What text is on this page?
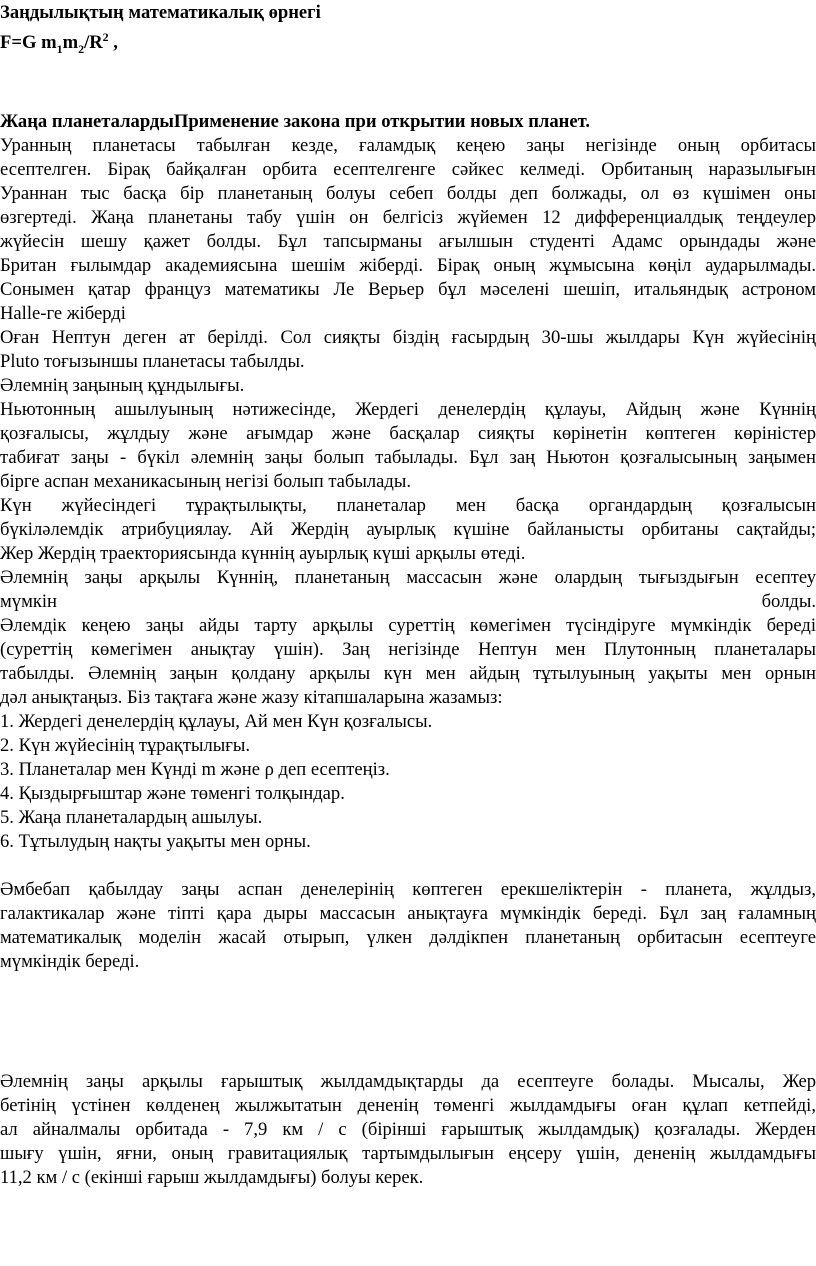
Заңдылықтың математикалық өрнегі
F=G $m_1m_2/R^2$ ,
Жаңа планеталардыПрименение закона при открытии новых планет.
Уранның планетасы табылған кезде, ғаламдық кеңею заңы негізінде оның орбитасы
есептелген. Бірақ байқалған орбита есептелгенге сәйкес келмеді. Орбитаның наразылығын
Ураннан тыс басқа бір планетаның болуы себеп болды деп болжады, ол өз күшімен оны
өзгертеді. Жаңа планетаны табу үшін он белгісіз жүйемен 12 дифференциалдық теңдеулер
жүйесін шешу қажет болды. Бұл тапсырманы ағылшын студенті Адамс орындады және
Британ ғылымдар академиясына шешім жіберді. Бірақ оның жұмысына көңіл аударылмады.
Сонымен қатар француз математикы Ле Верьер бұл мәселені шешіп, итальяндық астроном
Halle-ге жіберді
Оған Нептун деген ат берілді. Сол сияқты біздің ғасырдың 30-шы жылдары Күн жүйесінің
Pluto тоғызыншы планетасы табылды.
Әлемнің заңының құндылығы.
Ньютонның ашылуының нәтижесінде, Жердегі денелердің құлауы, Айдың және Күннің
қозғалысы, жұлдыу және ағымдар және басқалар сияқты көрінетін көптеген көріністер
табиғат заңы - бүкіл әлемнің заңы болып табылады. Бұл заң Ньютон қозғалысының заңымен
бірге аспан механикасының негізі болып табылады.
Күн жүйесіндегі тұрақтылықты, планеталар мен басқа органдардың қозғалысын
бүкіләлемдік атрибуциялау. Ай Жердің ауырлық күшіне байланысты орбитаны сақтайды;
Жер Жердің траекториясында күннің ауырлық күші арқылы өтеді.
Әлемнің заңы арқылы Күннің, планетаның массасын және олардың тығыздығын есептеу
мүмкін болды.
Әлемдік кеңею заңы айды тарту арқылы суреттің көмегімен түсіндіруге мүмкіндік береді
(суреттің көмегімен анықтау үшін). Заң негізінде Нептун мен Плутонның планеталары
табылды. Әлемнің заңын қолдану арқылы күн мен айдың тұтылуының уақыты мен орнын
дәл анықтаңыз. Біз тақтаға және жазу кітапшаларына жазамыз:
1. Жердегі денелердің құлауы, Ай мен Күн қозғалысы.
2. Күн жүйесінің тұрақтылығы.
3. Планеталар мен Күнді m және ρ деп есептеңіз.
4. Қыздырғыштар және төменгі толқындар.
5. Жаңа планеталардың ашылуы.
6. Тұтылудың нақты уақыты мен орны.
Әмбебап қабылдау заңы аспан денелерінің көптеген ерекшеліктерін - планета, жұлдыз,
галактикалар және тіпті қара дыры массасын анықтауға мүмкіндік береді. Бұл заң ғаламның
математикалық моделін жасай отырып, үлкен дәлдікпен планетаның орбитасын есептеуге
мүмкіндік береді.
Әлемнің заңы арқылы ғарыштық жылдамдықтарды да есептеуге болады. Мысалы, Жер
бетінің үстінен көлденең жылжытатын дененің төменгі жылдамдығы оған құлап кетпейді,
ал айналмалы орбитада - 7,9 км / с (бірінші ғарыштық жылдамдық) қозғалады. Жерден
шығу үшін, яғни, оның гравитациялық тартымдылығын еңсеру үшін, дененің жылдамдығы
11,2 км / с (екінші ғарыш жылдамдығы) болуы керек.
